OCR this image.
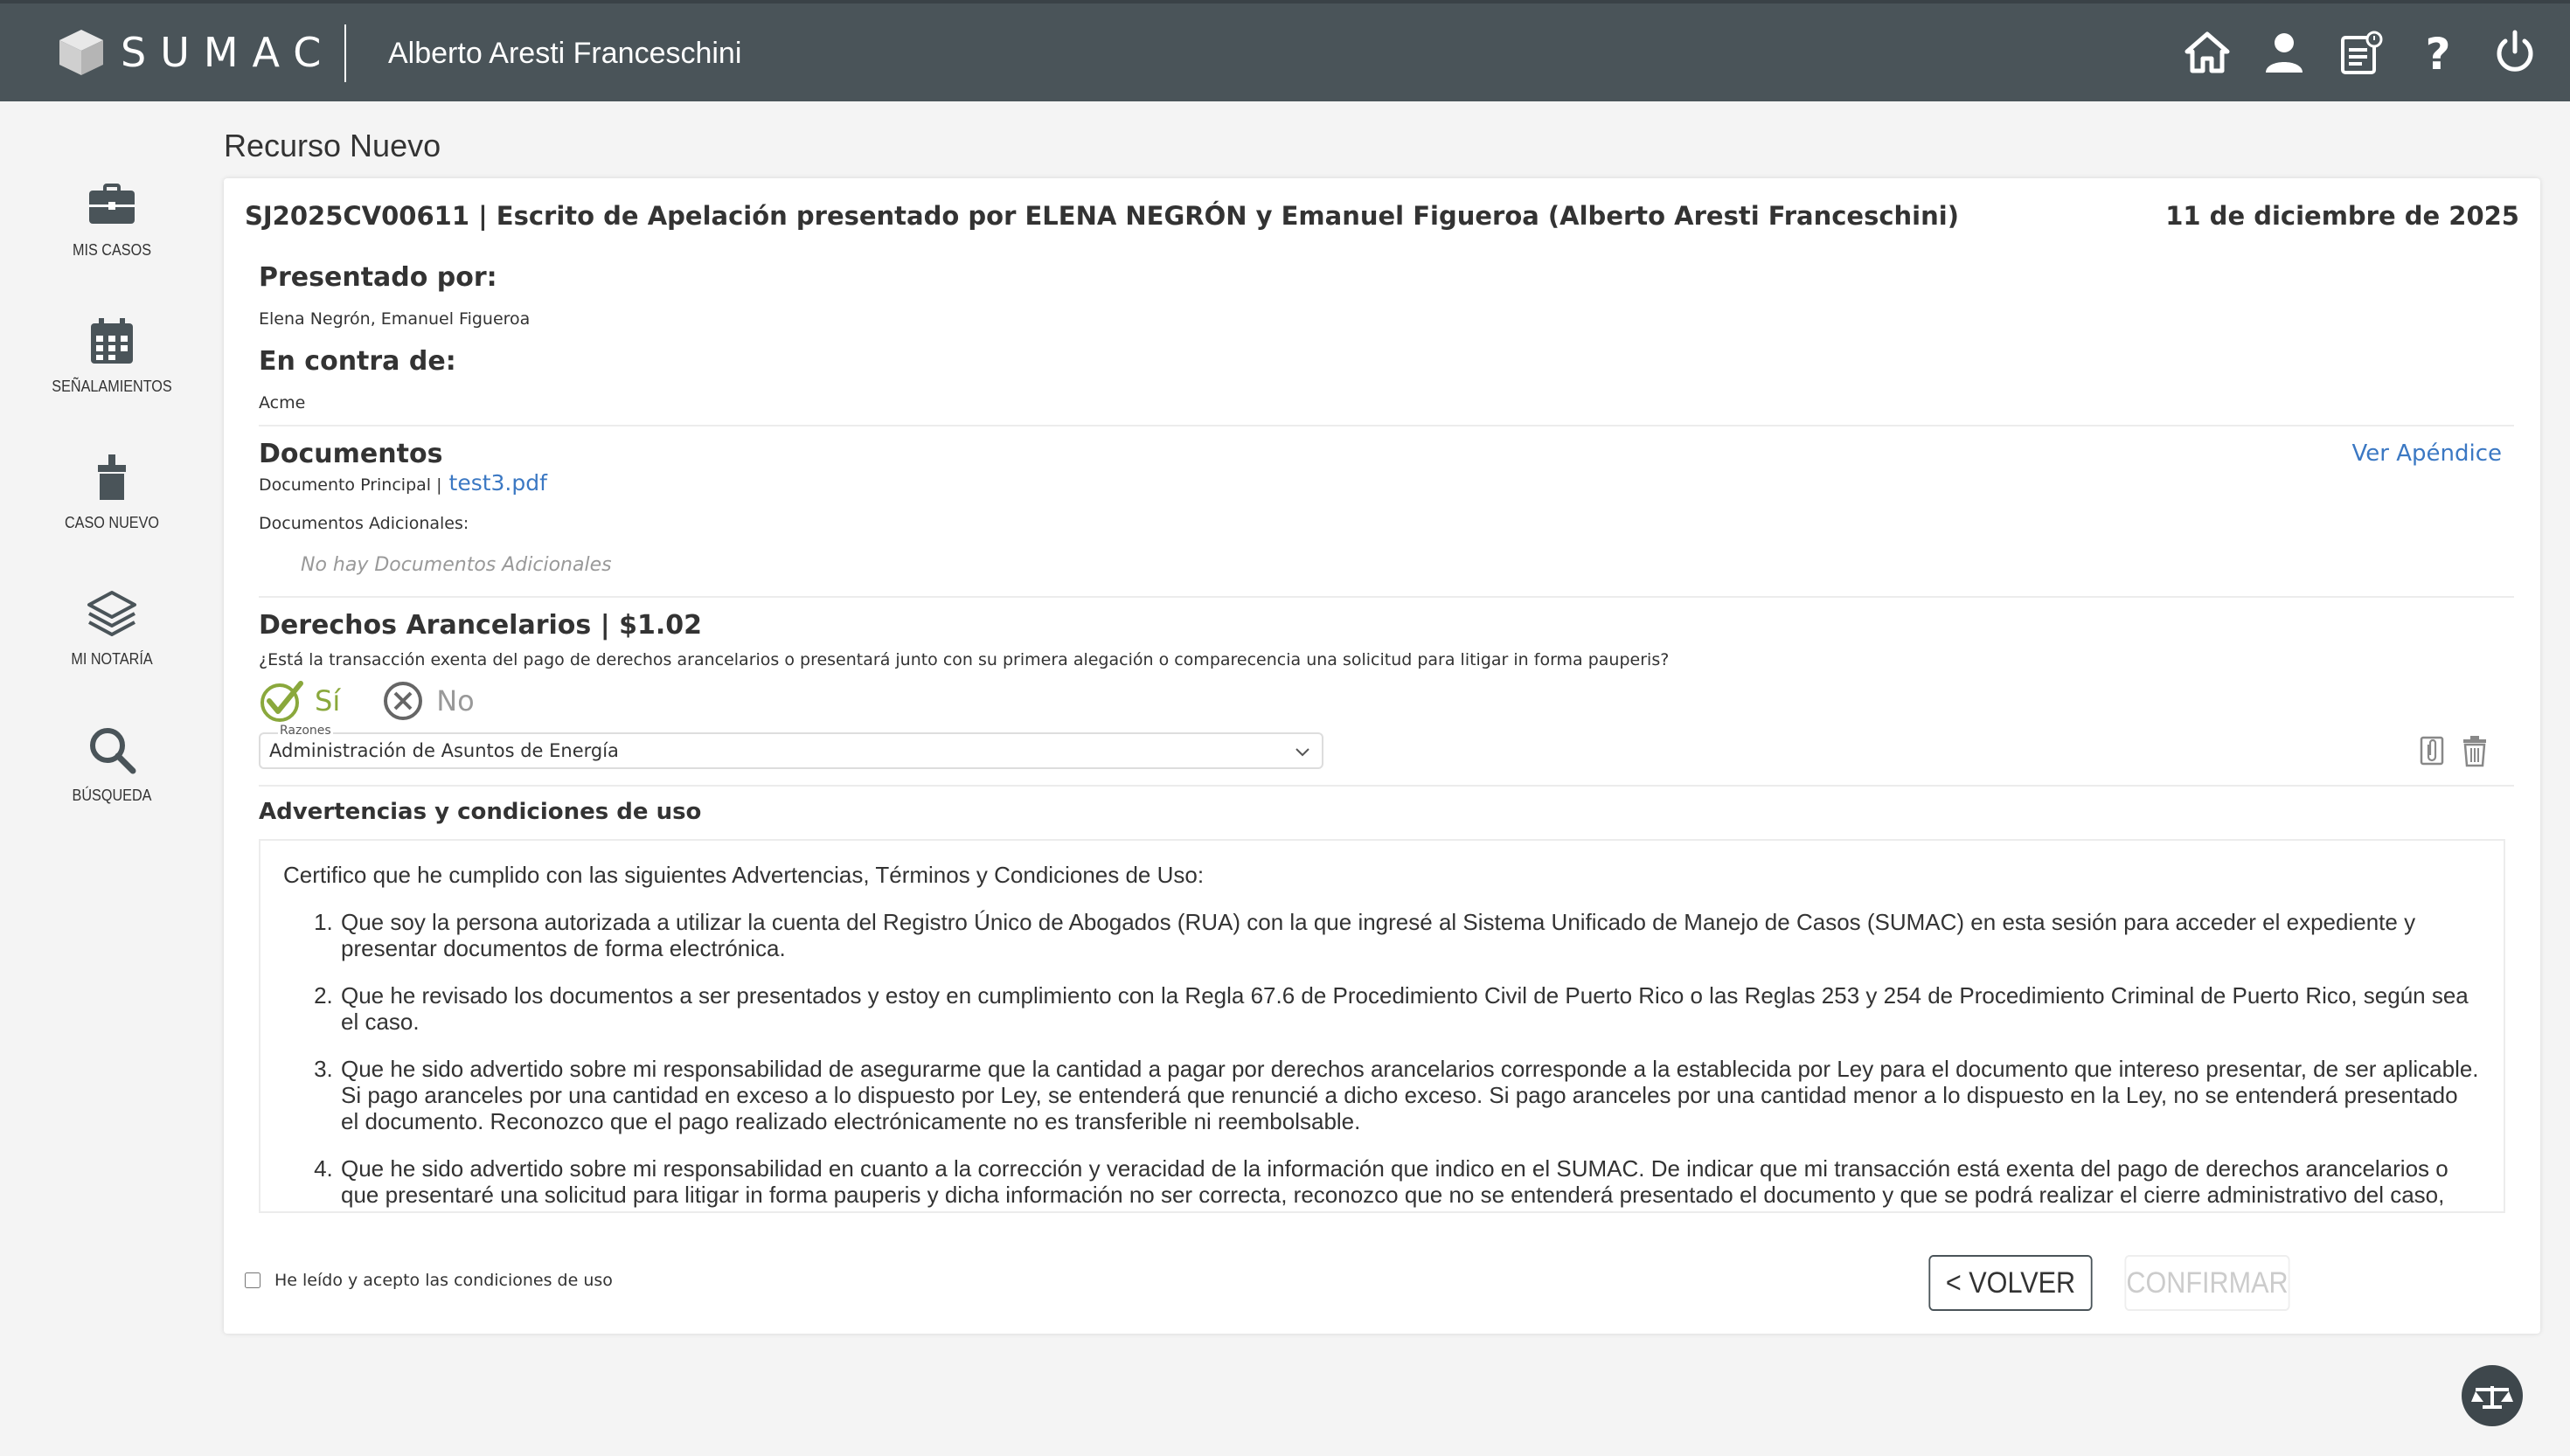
SUMAC Alberto Aresti Franceschini	?
MIS CASOS
SEÑALAMIENTOS
CASO NUEVO
MI NOTARÍA
BÚSQUEDA
Recurso Nuevo
SJ2025CV00611 | Escrito de Apelación presentado por ELENA NEGRÓN y Emanuel Figueroa (Alberto Aresti Franceschini)	11 de diciembre de 2025
Presentado por:
Elena Negrón, Emanuel Figueroa
En contra de:
Acme
Documentos	Ver Apéndice
Documento Principal | test3.pdf
Documentos Adicionales:
No hay Documentos Adicionales
Derechos Arancelarios | $1.02
¿Está la transacción exenta del pago de derechos arancelarios o presentará junto con su primera alegación o comparecencia una solicitud para litigar in forma pauperis?
Sí	No
Administración de Asuntos de Energía
Razones
Advertencias y condiciones de uso
Certifico que he cumplido con las siguientes Advertencias, Términos y Condiciones de Uso:
1. Que soy la persona autorizada a utilizar la cuenta del Registro Único de Abogados (RUA) con la que ingresé al Sistema Unificado de Manejo de Casos (SUMAC) en esta sesión para acceder el expediente y presentar documentos de forma electrónica.
2. Que he revisado los documentos a ser presentados y estoy en cumplimiento con la Regla 67.6 de Procedimiento Civil de Puerto Rico o las Reglas 253 y 254 de Procedimiento Criminal de Puerto Rico, según sea el caso.
3. Que he sido advertido sobre mi responsabilidad de asegurarme que la cantidad a pagar por derechos arancelarios corresponde a la establecida por Ley para el documento que intereso presentar, de ser aplicable. Si pago aranceles por una cantidad en exceso a lo dispuesto por Ley, se entenderá que renuncié a dicho exceso. Si pago aranceles por una cantidad menor a lo dispuesto en la Ley, no se entenderá presentado el documento. Reconozco que el pago realizado electrónicamente no es transferible ni reembolsable.
4. Que he sido advertido sobre mi responsabilidad en cuanto a la corrección y veracidad de la información que indico en el SUMAC. De indicar que mi transacción está exenta del pago de derechos arancelarios o que presentaré una solicitud para litigar in forma pauperis y dicha información no ser correcta, reconozco que no se entenderá presentado el documento y que se podrá realizar el cierre administrativo del caso,
He leído y acepto las condiciones de uso	< VOLVER	CONFIRMAR
